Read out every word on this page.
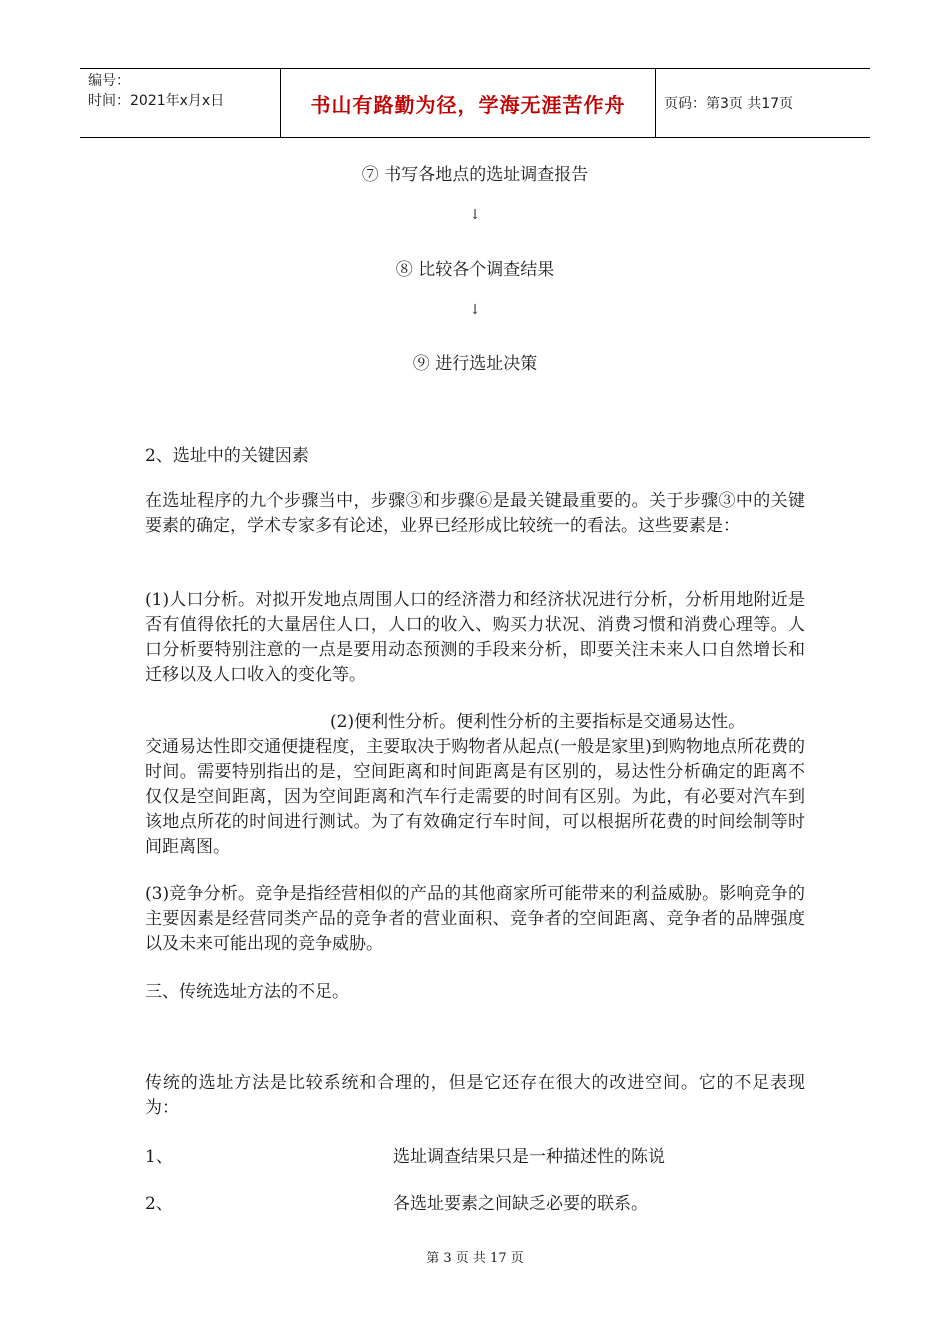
编号：
时间：2021年x月x日	书山有路勤为径，学海无涯苦作舟	页码：第3页 共17页
⑦ 书写各地点的选址调查报告
↓
⑧ 比较各个调查结果
↓
⑨ 进行选址决策
2、选址中的关键因素

在选址程序的九个步骤当中，步骤③和步骤⑥是最关键最重要的。关于步骤③中的关键要素的确定，学术专家多有论述，业界已经形成比较统一的看法。这些要素是：

(1)人口分析。对拟开发地点周围人口的经济潜力和经济状况进行分析，分析用地附近是否有值得依托的大量居住人口，人口的收入、购买力状况、消费习惯和消费心理等。人口分析要特别注意的一点是要用动态预测的手段来分析，即要关注未来人口自然增长和迁移以及人口收入的变化等。

(2)便利性分析。便利性分析的主要指标是交通易达性。

交通易达性即交通便捷程度，主要取决于购物者从起点(一般是家里)到购物地点所花费的时间。需要特别指出的是，空间距离和时间距离是有区别的，易达性分析确定的距离不仅仅是空间距离，因为空间距离和汽车行走需要的时间有区别。为此，有必要对汽车到该地点所花的时间进行测试。为了有效确定行车时间，可以根据所花费的时间绘制等时间距离图。

(3)竞争分析。竞争是指经营相似的产品的其他商家所可能带来的利益威胁。影响竞争的主要因素是经营同类产品的竞争者的营业面积、竞争者的空间距离、竞争者的品牌强度以及未来可能出现的竞争威胁。

三、传统选址方法的不足。

传统的选址方法是比较系统和合理的，但是它还存在很大的改进空间。它的不足表现为：

1、	选址调查结果只是一种描述性的陈说
2、	各选址要素之间缺乏必要的联系。
第 3 页 共 17 页
